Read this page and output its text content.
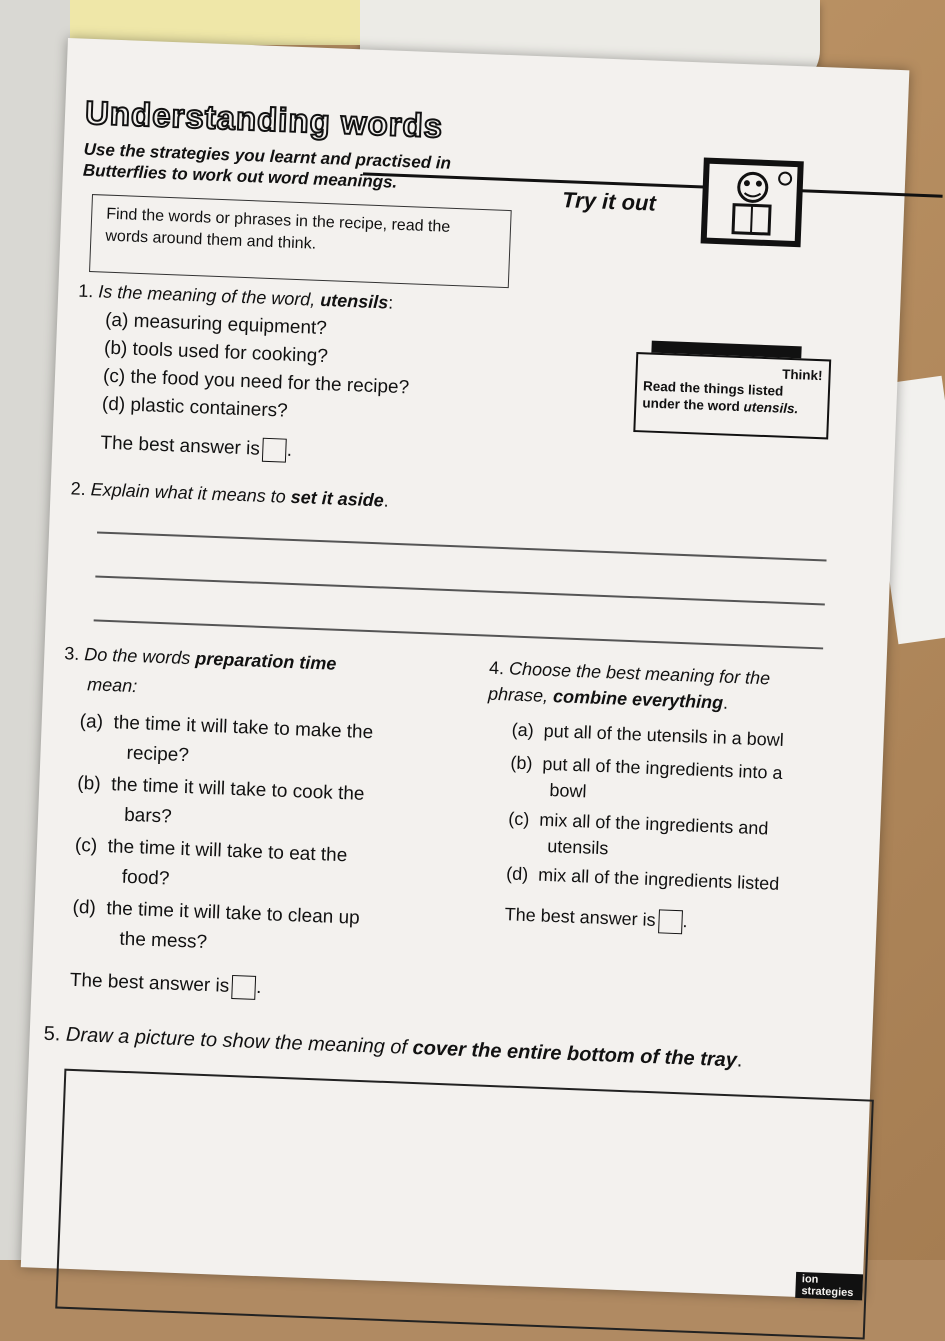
Understanding words
Use the strategies you learnt and practised in Butterflies to work out word meanings.
Try it out
Find the words or phrases in the recipe, read the words around them and think.
1. Is the meaning of the word, utensils:
(a) measuring equipment?
(b) tools used for cooking?
(c) the food you need for the recipe?
(d) plastic containers?
The best answer is .
Think!
Read the things listed
under the word utensils.
2. Explain what it means to set it aside.
3. Do the words preparation time
mean:
(a) the time it will take to make the
recipe?
(b) the time it will take to cook the
bars?
(c) the time it will take to eat the
food?
(d) the time it will take to clean up
the mess?
The best answer is .
4. Choose the best meaning for the phrase, combine everything.
(a) put all of the utensils in a bowl
(b) put all of the ingredients into a
bowl
(c) mix all of the ingredients and
utensils
(d) mix all of the ingredients listed
The best answer is .
5. Draw a picture to show the meaning of cover the entire bottom of the tray.
ion strategies
